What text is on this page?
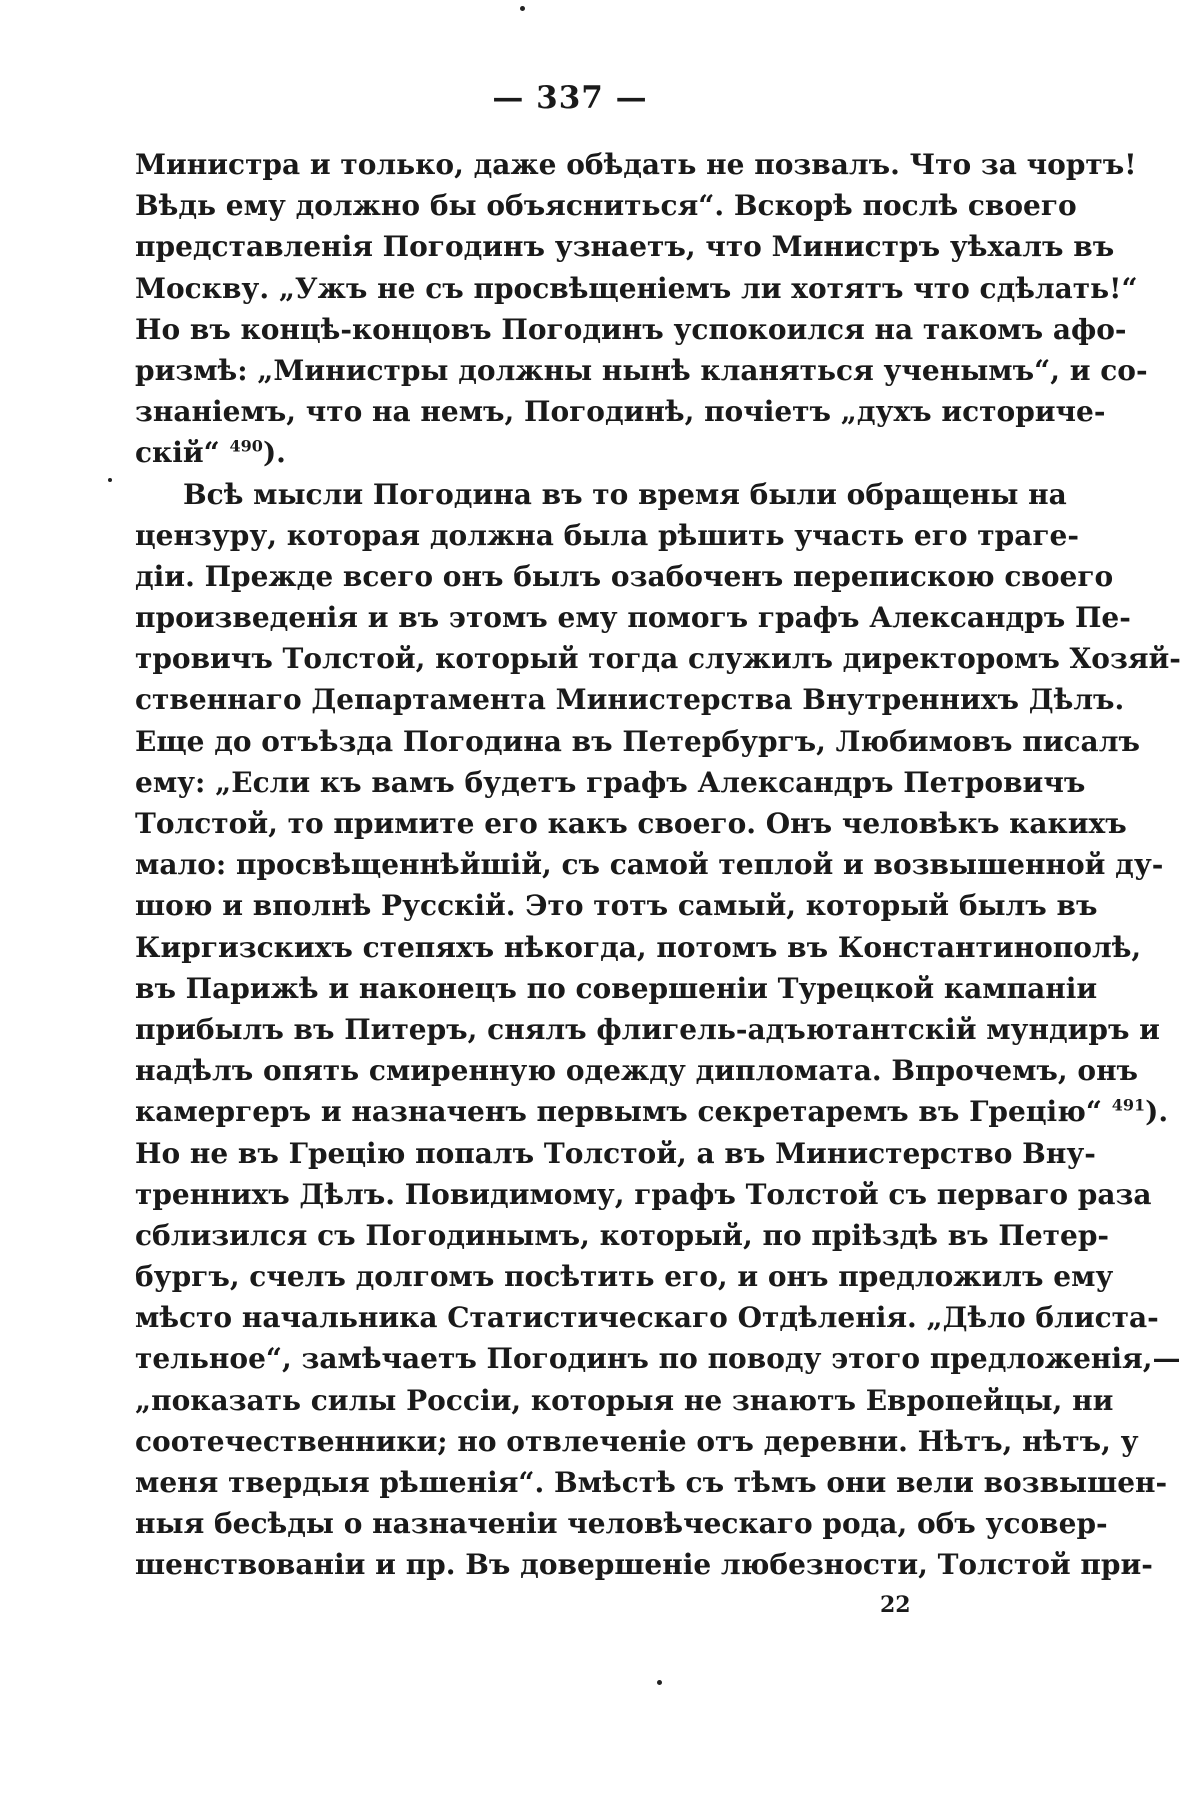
— 337 —
Министра и только, даже обѣдать не позвалъ. Что за чортъ!
Вѣдь ему должно бы объясниться“. Вскорѣ послѣ своего
представленія Погодинъ узнаетъ, что Министръ уѣхалъ въ
Москву. „Ужъ не съ просвѣщеніемъ ли хотятъ что сдѣлать!“
Но въ концѣ-концовъ Погодинъ успокоился на такомъ афо-
ризмѣ: „Министры должны нынѣ кланяться ученымъ“, и со-
знаніемъ, что на немъ, Погодинѣ, почіетъ „духъ историче-
скій“ $^{490}$).
Всѣ мысли Погодина въ то время были обращены на
цензуру, которая должна была рѣшить участь его траге-
діи. Прежде всего онъ былъ озабоченъ перепискою своего
произведенія и въ этомъ ему помогъ графъ Александръ Пе-
тровичъ Толстой, который тогда служилъ директоромъ Хозяй-
ственнаго Департамента Министерства Внутреннихъ Дѣлъ.
Еще до отъѣзда Погодина въ Петербургъ, Любимовъ писалъ
ему: „Если къ вамъ будетъ графъ Александръ Петровичъ
Толстой, то примите его какъ своего. Онъ человѣкъ какихъ
мало: просвѣщеннѣйшій, съ самой теплой и возвышенной ду-
шою и вполнѣ Русскій. Это тотъ самый, который былъ въ
Киргизскихъ степяхъ нѣкогда, потомъ въ Константинополѣ,
въ Парижѣ и наконецъ по совершеніи Турецкой кампаніи
прибылъ въ Питеръ, снялъ флигель-адъютантскій мундиръ и
надѣлъ опять смиренную одежду дипломата. Впрочемъ, онъ
камергеръ и назначенъ первымъ секретаремъ въ Грецію“ $^{491}$).
Но не въ Грецію попалъ Толстой, а въ Министерство Вну-
треннихъ Дѣлъ. Повидимому, графъ Толстой съ перваго раза
сблизился съ Погодинымъ, который, по пріѣздѣ въ Петер-
бургъ, счелъ долгомъ посѣтить его, и онъ предложилъ ему
мѣсто начальника Статистическаго Отдѣленія. „Дѣло блиста-
тельное“, замѣчаетъ Погодинъ по поводу этого предложенія,—
„показать силы Россіи, которыя не знаютъ Европейцы, ни
соотечественники; но отвлеченіе отъ деревни. Нѣтъ, нѣтъ, у
меня твердыя рѣшенія“. Вмѣстѣ съ тѣмъ они вели возвышен-
ныя бесѣды о назначеніи человѣческаго рода, объ усовер-
шенствованіи и пр. Въ довершеніе любезности, Толстой при-
22
